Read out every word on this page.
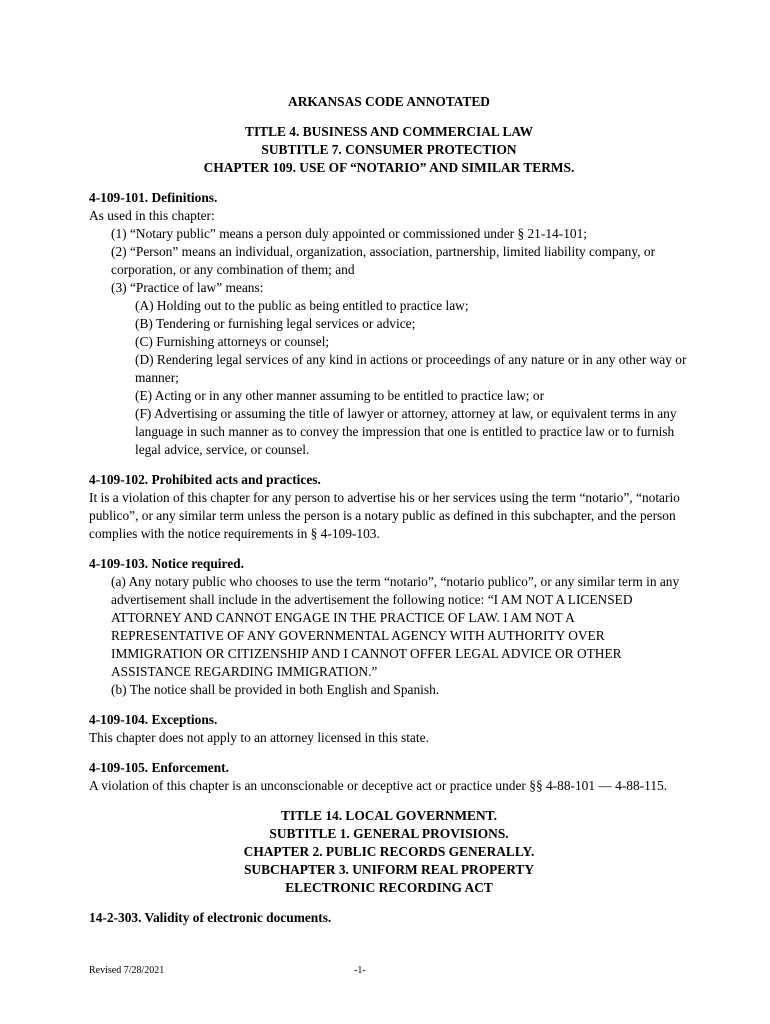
ARKANSAS CODE ANNOTATED

TITLE 4. BUSINESS AND COMMERCIAL LAW

SUBTITLE 7. CONSUMER PROTECTION

CHAPTER 109. USE OF “NOTARIO” AND SIMILAR TERMS.

4-109-101. Definitions.

As used in this chapter:

(1) “Notary public” means a person duly appointed or commissioned under § 21-14-101;

(2) “Person” means an individual, organization, association, partnership, limited liability company, or corporation, or any combination of them; and

(3) “Practice of law” means:

(A) Holding out to the public as being entitled to practice law;

(B) Tendering or furnishing legal services or advice;

(C) Furnishing attorneys or counsel;

(D) Rendering legal services of any kind in actions or proceedings of any nature or in any other way or manner;

(E) Acting or in any other manner assuming to be entitled to practice law; or

(F) Advertising or assuming the title of lawyer or attorney, attorney at law, or equivalent terms in any language in such manner as to convey the impression that one is entitled to practice law or to furnish legal advice, service, or counsel.

4-109-102. Prohibited acts and practices.

It is a violation of this chapter for any person to advertise his or her services using the term “notario”, “notario publico”, or any similar term unless the person is a notary public as defined in this subchapter, and the person complies with the notice requirements in § 4-109-103.

4-109-103. Notice required.

(a) Any notary public who chooses to use the term “notario”, “notario publico”, or any similar term in any advertisement shall include in the advertisement the following notice: “I AM NOT A LICENSED ATTORNEY AND CANNOT ENGAGE IN THE PRACTICE OF LAW. I AM NOT A REPRESENTATIVE OF ANY GOVERNMENTAL AGENCY WITH AUTHORITY OVER IMMIGRATION OR CITIZENSHIP AND I CANNOT OFFER LEGAL ADVICE OR OTHER ASSISTANCE REGARDING IMMIGRATION.”

(b) The notice shall be provided in both English and Spanish.

4-109-104. Exceptions.

This chapter does not apply to an attorney licensed in this state.

4-109-105. Enforcement.

A violation of this chapter is an unconscionable or deceptive act or practice under §§ 4-88-101 — 4-88-115.

TITLE 14. LOCAL GOVERNMENT.

SUBTITLE 1. GENERAL PROVISIONS.

CHAPTER 2. PUBLIC RECORDS GENERALLY.

SUBCHAPTER 3. UNIFORM REAL PROPERTY

ELECTRONIC RECORDING ACT

14-2-303. Validity of electronic documents.

Revised 7/28/2021	-1-
